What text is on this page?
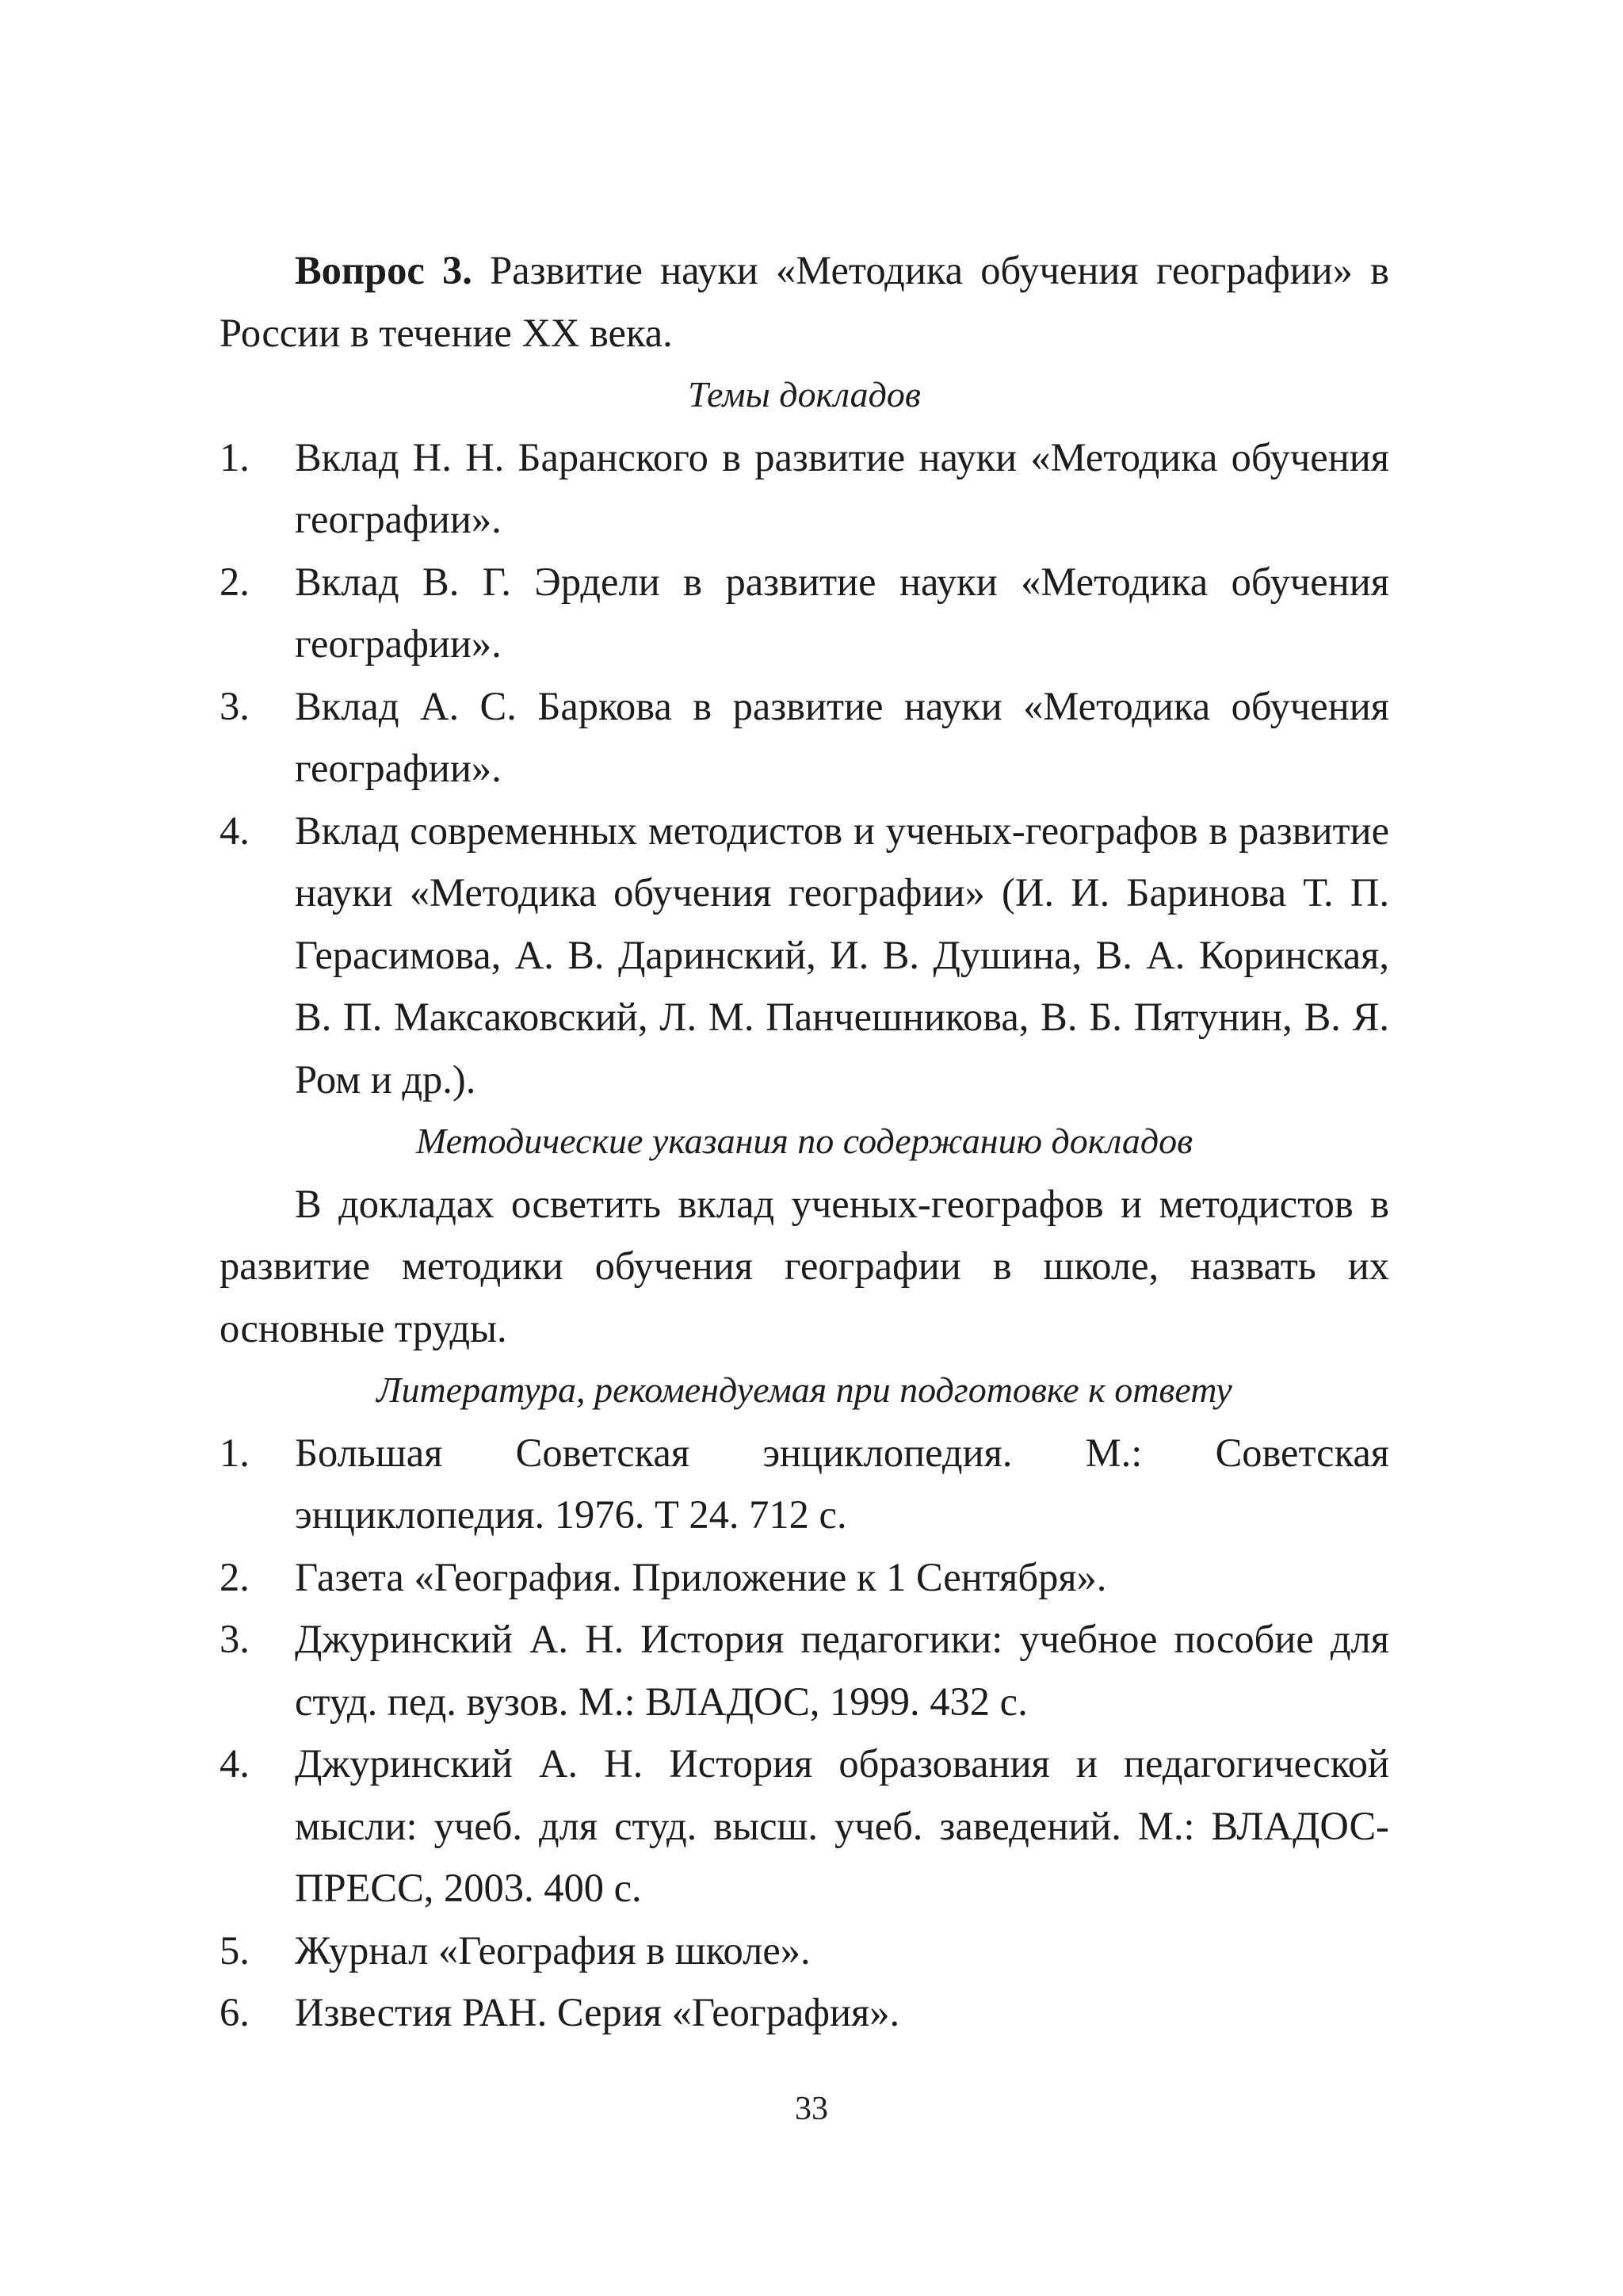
Вопрос 3. Развитие науки «Методика обучения географии» в России в течение XX века.

Темы докладов

1. Вклад Н. Н. Баранского в развитие науки «Методика обучения географии».
2. Вклад В. Г. Эрдели в развитие науки «Методика обучения географии».
3. Вклад А. С. Баркова в развитие науки «Методика обучения географии».
4. Вклад современных методистов и ученых-географов в развитие науки «Методика обучения географии» (И. И. Баринова Т. П. Герасимова, А. В. Даринский, И. В. Душина, В. А. Коринская, В. П. Максаковский, Л. М. Панчешникова, В. Б. Пятунин, В. Я. Ром и др.).

Методические указания по содержанию докладов

В докладах осветить вклад ученых-географов и методистов в развитие методики обучения географии в школе, назвать их основные труды.

Литература, рекомендуемая при подготовке к ответу

1. Большая Советская энциклопедия. М.: Советская энциклопедия. 1976. Т 24. 712 с.
2. Газета «География. Приложение к 1 Сентября».
3. Джуринский А. Н. История педагогики: учебное пособие для студ. пед. вузов. М.: ВЛАДОС, 1999. 432 с.
4. Джуринский А. Н. История образования и педагогической мысли: учеб. для студ. высш. учеб. заведений. М.: ВЛАДОС-ПРЕСС, 2003. 400 с.
5. Журнал «География в школе».
6. Известия РАН. Серия «География».
33
